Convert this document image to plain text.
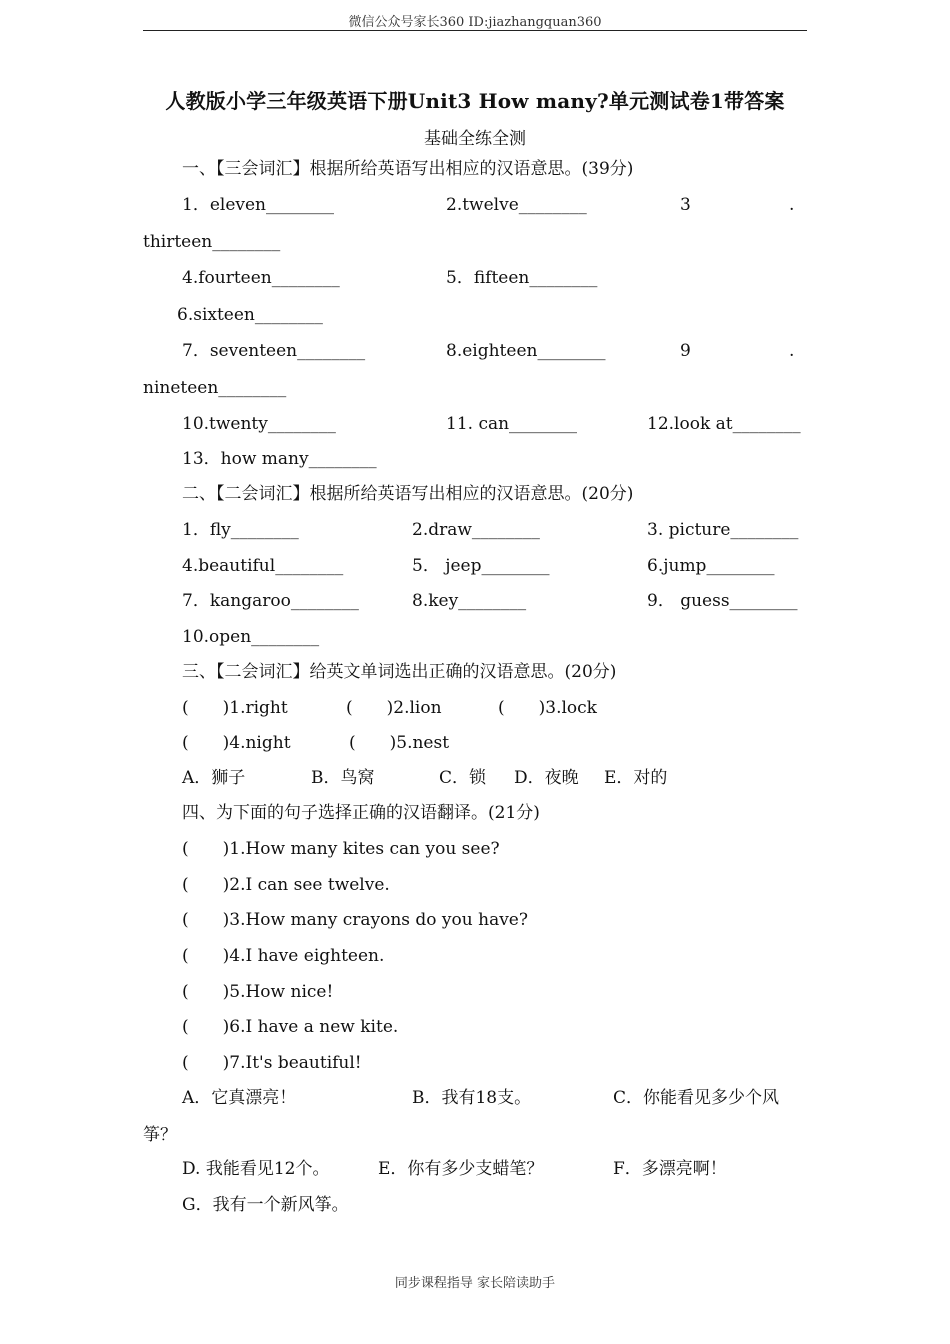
微信公众号家长360 ID:jiazhangquan360
人教版小学三年级英语下册Unit3 How many?单元测试卷1带答案
基础全练全测
一、【三会词汇】根据所给英语写出相应的汉语意思。(39分)
1．eleven________	2.twelve________	3	.
thirteen________
4.fourteen________	5．fifteen________
6.sixteen________
7．seventeen________	8.eighteen________	9	.
nineteen________
10.twenty________	11. can________	12.look at________
13．how many________
二、【二会词汇】根据所给英语写出相应的汉语意思。(20分)
1．fly________	2.draw________	3. picture________
4.beautiful________	5． jeep________	6.jump________
7．kangaroo________	8.key________	9． guess________
10.open________
三、【二会词汇】给英文单词选出正确的汉语意思。(20分)
(　　)1.right	(　　)2.lion	(　　)3.lock
(　　)4.night	(　　)5.nest
A．狮子	B．鸟窝	C．锁 D．夜晚 E．对的
四、为下面的句子选择正确的汉语翻译。(21分)
(　　)1.How many kites can you see?
(　　)2.I can see twelve.
(　　)3.How many crayons do you have?
(　　)4.I have eighteen.
(　　)5.How nice!
(　　)6.I have a new kite.
(　　)7.It's beautiful!
A．它真漂亮！	B．我有18支。	C．你能看见多少个风
筝？
D. 我能看见12个。	E．你有多少支蜡笔？	F．多漂亮啊！
G．我有一个新风筝。
同步课程指导 家长陪读助手
